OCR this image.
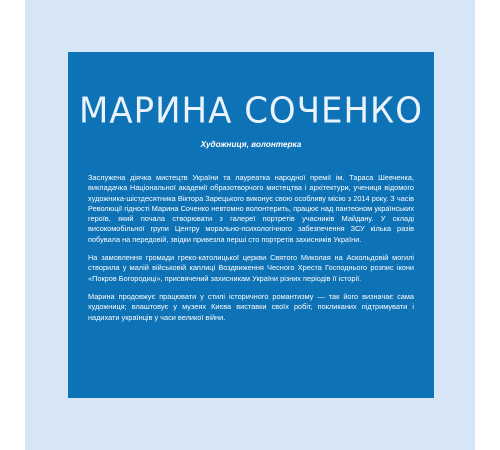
МАРИНА СОЧЕНКО
Художниця, волонтерка

Заслужена діячка мистецтв України та лауреатка народної премії ім. Тараса Шевченка, викладачка Національної академії образотворчого мистецтва і архітектури, учениця відомого художника-шістдесятника Віктора Зарецького виконує свою особливу місію з 2014 року. З часів Революції гідності Марина Соченко невтомно волонтерить, працює над пантеоном українських героїв, який почала створювати з галереї портретів учасників Майдану. У складі високомобільної групи Центру морально-психологічного забезпечення ЗСУ кілька разів побувала на передовій, звідки привезла перші сто портретів захисників України.

На замовлення громади греко-католицької церкви Святого Миколая на Аскольдовій могилі створила у малій військовій каплиці Воздвиження Чесного Хреста Господнього розпис ікони «Покров Богородиці», присвячений захисникам України різних періодів її історії.

Марина продовжує працювати у стилі історичного романтизму — так його визначає сама художниця; влаштовує у музеях Києва виставки своїх робіт, покликаних підтримувати і надихати українців у часи великої війни.
